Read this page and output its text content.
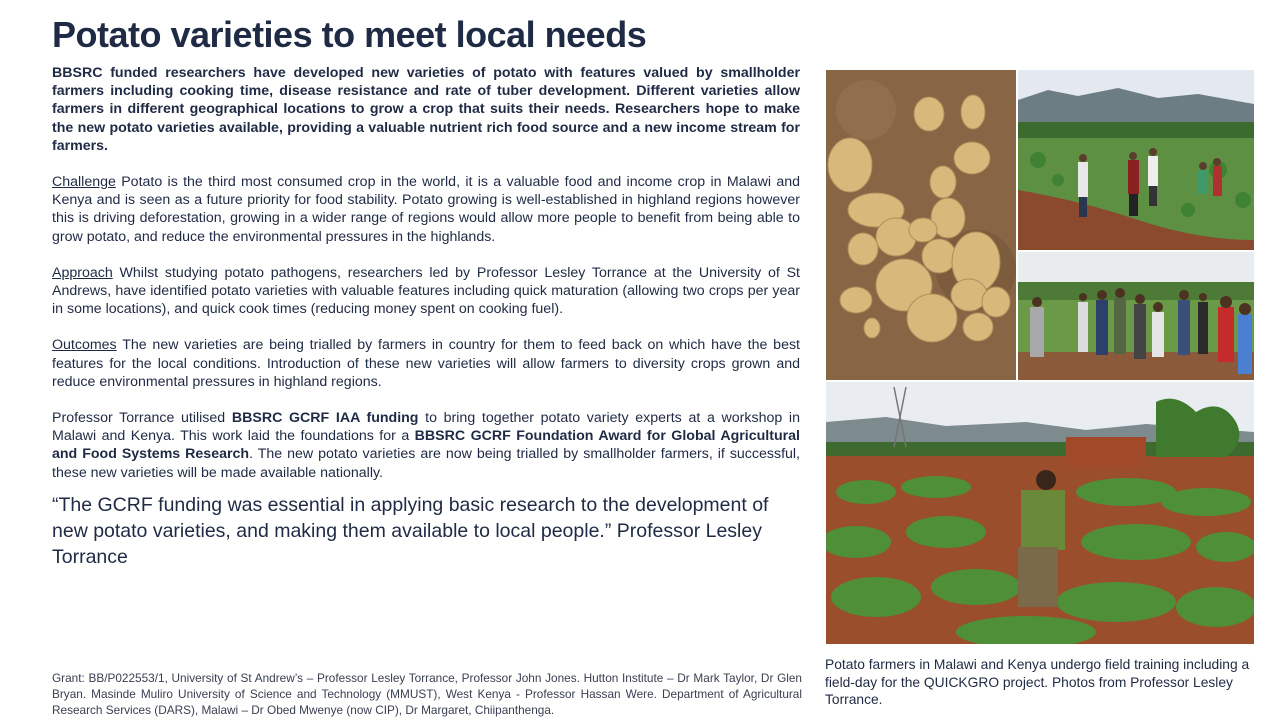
Potato varieties to meet local needs

BBSRC funded researchers have developed new varieties of potato with features valued by smallholder farmers including cooking time, disease resistance and rate of tuber development. Different varieties allow farmers in different geographical locations to grow a crop that suits their needs. Researchers hope to make the new potato varieties available, providing a valuable nutrient rich food source and a new income stream for farmers.

Challenge Potato is the third most consumed crop in the world, it is a valuable food and income crop in Malawi and Kenya and is seen as a future priority for food stability. Potato growing is well-established in highland regions however this is driving deforestation, growing in a wider range of regions would allow more people to benefit from being able to grow potato, and reduce the environmental pressures in the highlands.

Approach Whilst studying potato pathogens, researchers led by Professor Lesley Torrance at the University of St Andrews, have identified potato varieties with valuable features including quick maturation (allowing two crops per year in some locations), and quick cook times (reducing money spent on cooking fuel).

Outcomes The new varieties are being trialled by farmers in country for them to feed back on which have the best features for the local conditions. Introduction of these new varieties will allow farmers to diversity crops grown and reduce environmental pressures in highland regions.

Professor Torrance utilised BBSRC GCRF IAA funding to bring together potato variety experts at a workshop in Malawi and Kenya. This work laid the foundations for a BBSRC GCRF Foundation Award for Global Agricultural and Food Systems Research. The new potato varieties are now being trialled by smallholder farmers, if successful, these new varieties will be made available nationally.

“The GCRF funding was essential in applying basic research to the development of new potato varieties, and making them available to local people.” Professor Lesley Torrance

Grant: BB/P022553/1, University of St Andrew’s – Professor Lesley Torrance, Professor John Jones. Hutton Institute – Dr Mark Taylor, Dr Glen Bryan. Masinde Muliro University of Science and Technology (MMUST), West Kenya - Professor Hassan Were. Department of Agricultural Research Services (DARS), Malawi – Dr Obed Mwenye (now CIP), Dr Margaret, Chiipanthenga.
Potato farmers in Malawi and Kenya undergo field training including a field-day for the QUICKGRO project. Photos from Professor Lesley Torrance.
